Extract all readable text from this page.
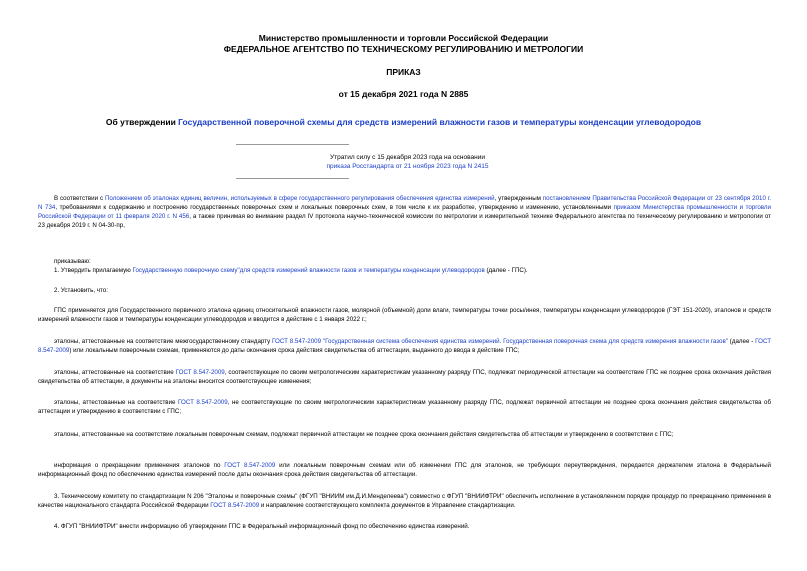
Министерство промышленности и торговли Российской Федерации
ФЕДЕРАЛЬНОЕ АГЕНТСТВО ПО ТЕХНИЧЕСКОМУ РЕГУЛИРОВАНИЮ И МЕТРОЛОГИИ
ПРИКАЗ
от 15 декабря 2021 года N 2885
Об утверждении Государственной поверочной схемы для средств измерений влажности газов и температуры конденсации углеводородов
Утратил силу с 15 декабря 2023 года на основании
приказа Росстандарта от 21 ноября 2023 года N 2415
В соответствии с Положением об эталонах единиц величин, используемых в сфере государственного регулирования обеспечения единства измерений, утвержденным постановлением Правительства Российской Федерации от 23 сентября 2010 г. N 734, требованиями к содержанию и построению государственных поверочных схем и локальных поверочных схем, в том числе к их разработке, утверждению и изменению, установленными приказом Министерства промышленности и торговли Российской Федерации от 11 февраля 2020 г. N 456, а также принимая во внимание раздел IV протокола научно-технической комиссии по метрологии и измерительной технике Федерального агентства по техническому регулированию и метрологии от 23 декабря 2019 г. N 04-30-пр,
приказываю:
1. Утвердить прилагаемую Государственную поверочную схему"для средств измерений влажности газов и температуры конденсации углеводородов (далее - ГПС).
2. Установить, что:
ГПС применяется для Государственного первичного эталона единиц относительной влажности газов, молярной (объемной) доли влаги, температуры точки росы/инея, температуры конденсации углеводородов (ГЭТ 151-2020), эталонов и средств измерений влажности газов и температуры конденсации углеводородов и вводится в действие с 1 января 2022 г.;
эталоны, аттестованные на соответствие межгосударственному стандарту ГОСТ 8.547-2009 "Государственная система обеспечения единства измерений. Государственная поверочная схема для средств измерения влажности газов" (далее - ГОСТ 8.547-2009) или локальным поверочным схемам, применяются до даты окончания срока действия свидетельства об аттестации, выданного до ввода в действие ГПС;
эталоны, аттестованные на соответствие ГОСТ 8.547-2009, соответствующие по своим метрологическим характеристикам указанному разряду ГПС, подлежат периодической аттестации на соответствие ГПС не позднее срока окончания действия свидетельства об аттестации, в документы на эталоны вносится соответствующее изменения;
эталоны, аттестованные на соответствие ГОСТ 8.547-2009, не соответствующие по своим метрологическим характеристикам указанному разряду ГПС, подлежат первичной аттестации не позднее срока окончания действия свидетельства об аттестации и утверждению в соответствии с ГПС;
эталоны, аттестованные на соответствие локальным поверочным схемам, подлежат первичной аттестации не позднее срока окончания действия свидетельства об аттестации и утверждению в соответствии с ГПС;
информация о прекращении применения эталонов по ГОСТ 8.547-2009 или локальным поверочным схемам или об изменении ГПС для эталонов, не требующих переутверждения, передается держателем эталона в Федеральный информационный фонд по обеспечению единства измерений после даты окончания срока действия свидетельства об аттестации.
3. Техническому комитету по стандартизации N 206 "Эталоны и поверочные схемы" (ФГУП "ВНИИМ им.Д.И.Менделеева") совместно с ФГУП "ВНИИФТРИ" обеспечить исполнение в установленном порядке процедур по прекращению применения в качестве национального стандарта Российской Федерации ГОСТ 8.547-2009 и направление соответствующего комплекта документов в Управление стандартизации.
4. ФГУП "ВНИИФТРИ" внести информацию об утверждении ГПС в Федеральный информационный фонд по обеспечению единства измерений.
